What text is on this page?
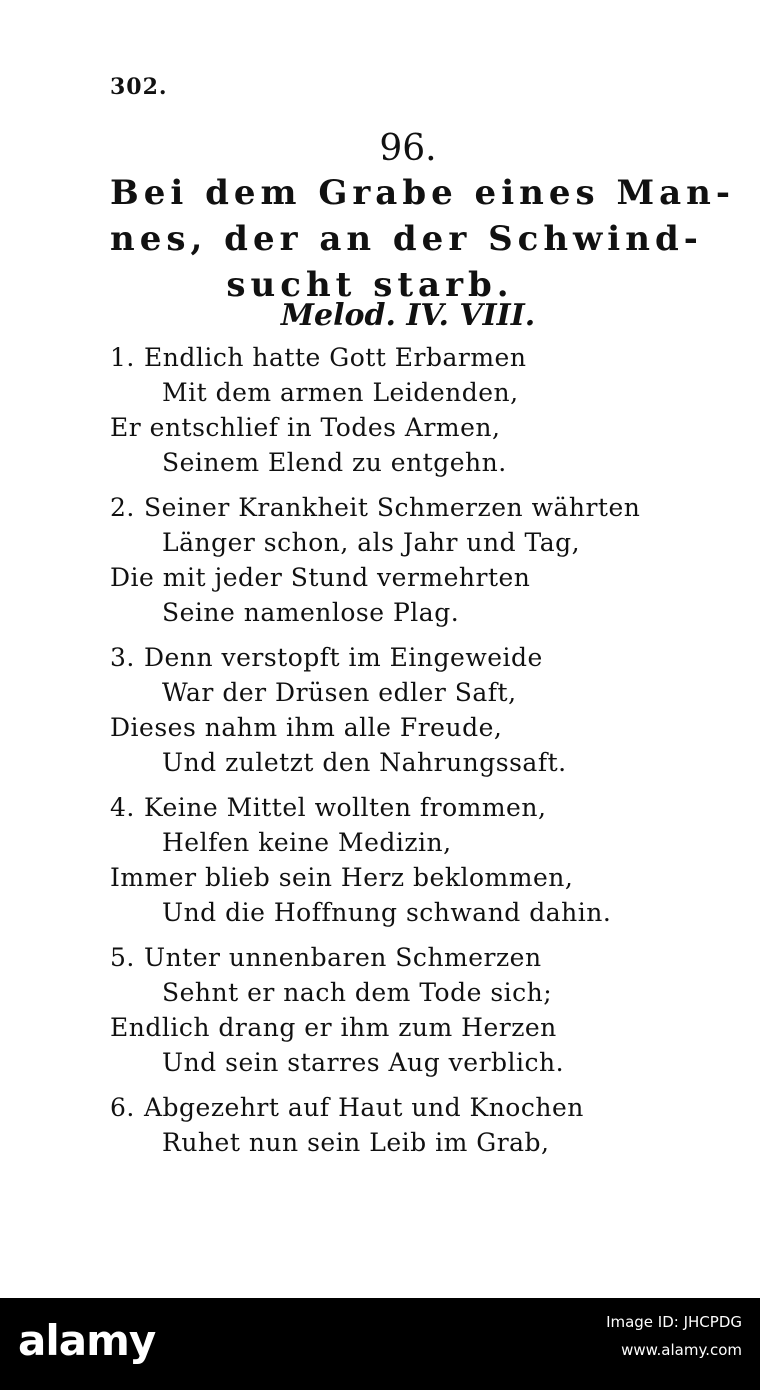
302.
96.
Bei dem Grabe eines Man-
nes, der an der Schwind-
sucht starb.
Melod. IV. VIII.
1. Endlich hatte Gott Erbarmen
Mit dem armen Leidenden,
Er entschlief in Todes Armen,
Seinem Elend zu entgehn.
2. Seiner Krankheit Schmerzen währten
Länger schon, als Jahr und Tag,
Die mit jeder Stund vermehrten
Seine namenlose Plag.
3. Denn verstopft im Eingeweide
War der Drüsen edler Saft,
Dieses nahm ihm alle Freude,
Und zuletzt den Nahrungssaft.
4. Keine Mittel wollten frommen,
Helfen keine Medizin,
Immer blieb sein Herz beklommen,
Und die Hoffnung schwand dahin.
5. Unter unnenbaren Schmerzen
Sehnt er nach dem Tode sich;
Endlich drang er ihm zum Herzen
Und sein starres Aug verblich.
6. Abgezehrt auf Haut und Knochen
Ruhet nun sein Leib im Grab,
alamy	Image ID: JHCPDG
www.alamy.com
